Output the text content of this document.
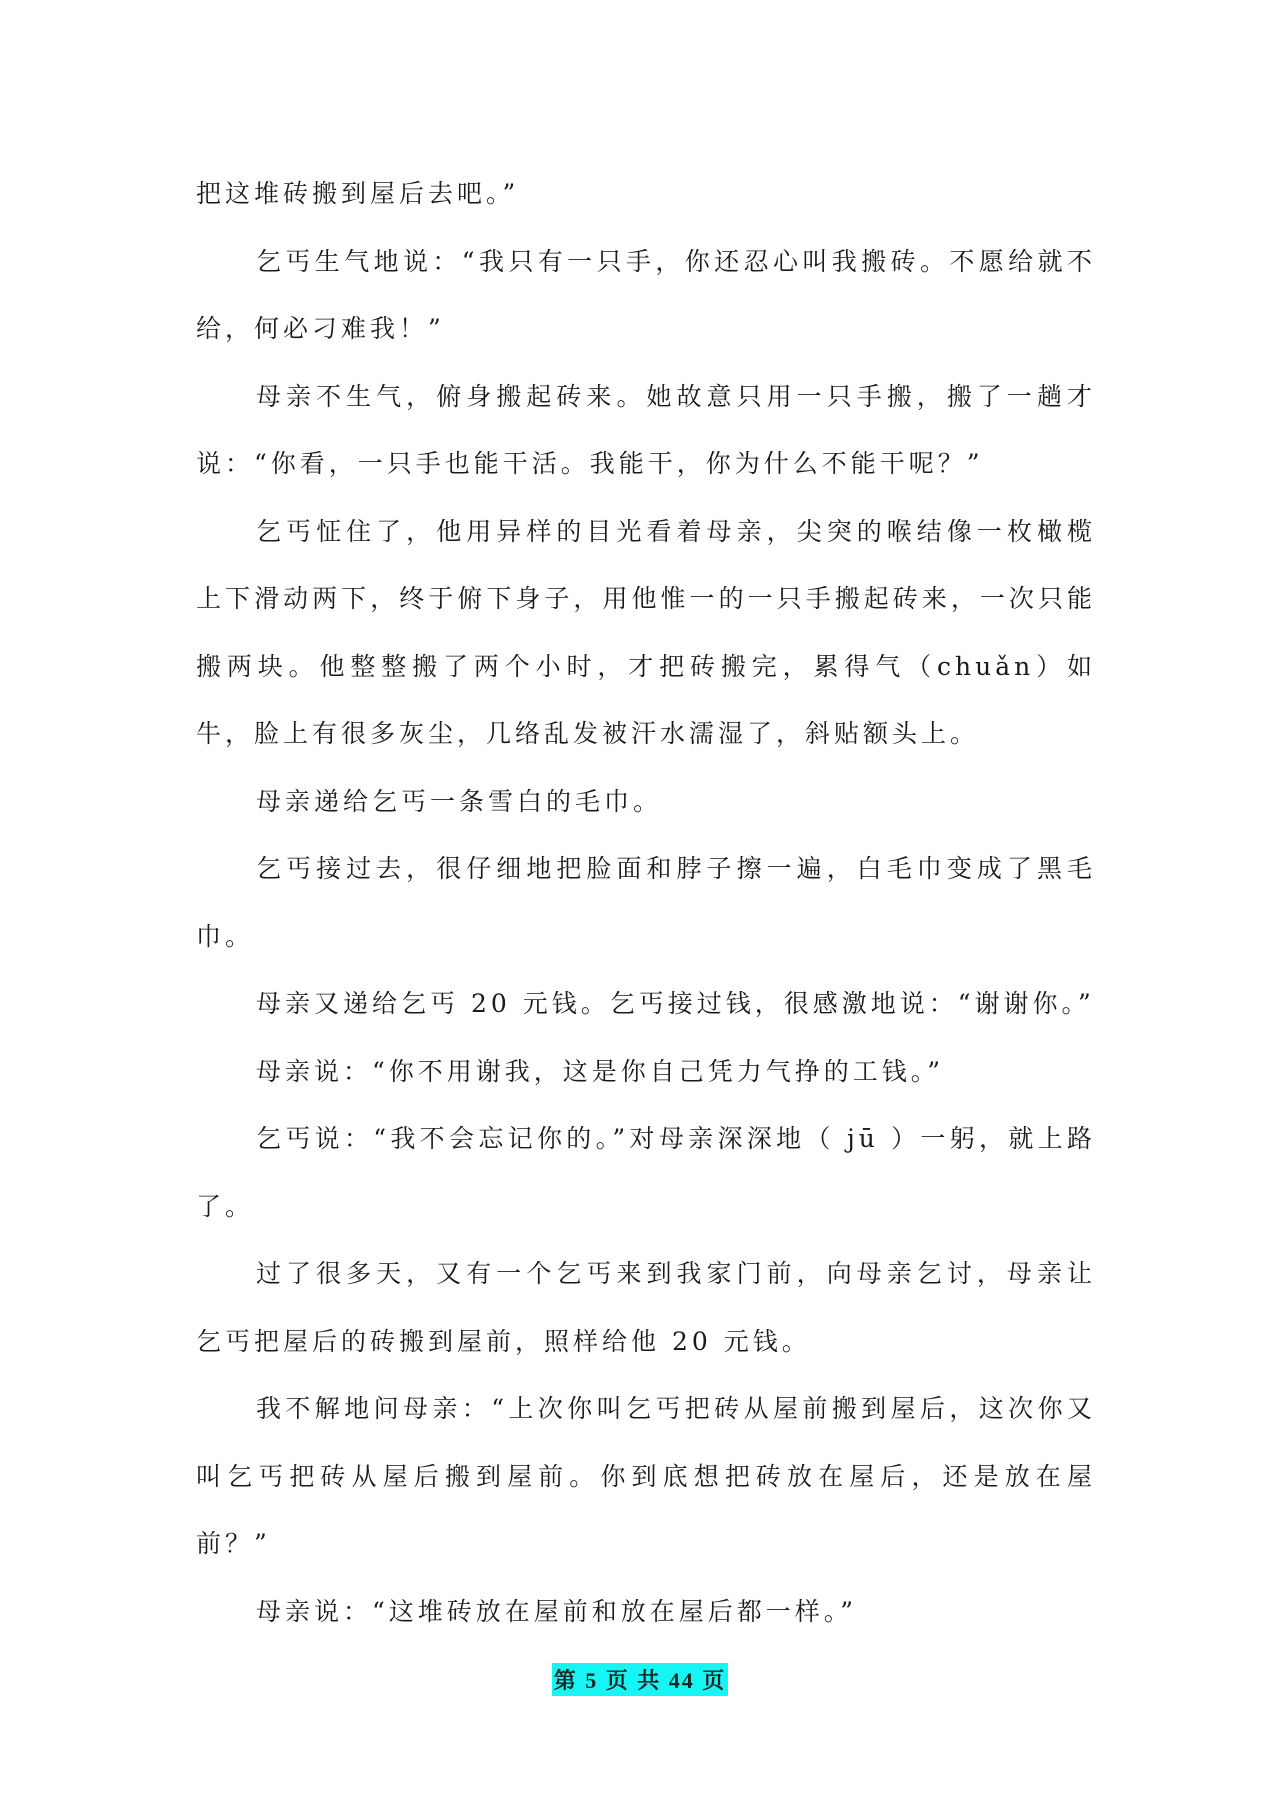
把这堆砖搬到屋后去吧。”

乞丐生气地说：“我只有一只手，你还忍心叫我搬砖。不愿给就不给，何必刁难我！”

母亲不生气，俯身搬起砖来。她故意只用一只手搬，搬了一趟才说：“你看，一只手也能干活。我能干，你为什么不能干呢？”

乞丐怔住了，他用异样的目光看着母亲，尖突的喉结像一枚橄榄上下滑动两下，终于俯下身子，用他惟一的一只手搬起砖来，一次只能搬两块。他整整搬了两个小时，才把砖搬完，累得气（chuǎn）如牛，脸上有很多灰尘，几络乱发被汗水濡湿了，斜贴额头上。

母亲递给乞丐一条雪白的毛巾。

乞丐接过去，很仔细地把脸面和脖子擦一遍，白毛巾变成了黑毛巾。

母亲又递给乞丐 20 元钱。乞丐接过钱，很感激地说：“谢谢你。”

母亲说：“你不用谢我，这是你自己凭力气挣的工钱。”

乞丐说：“我不会忘记你的。”对母亲深深地（ jū ）一躬，就上路了。

过了很多天，又有一个乞丐来到我家门前，向母亲乞讨，母亲让乞丐把屋后的砖搬到屋前，照样给他 20 元钱。

我不解地问母亲：“上次你叫乞丐把砖从屋前搬到屋后，这次你又叫乞丐把砖从屋后搬到屋前。你到底想把砖放在屋后，还是放在屋前？”

母亲说：“这堆砖放在屋前和放在屋后都一样。”

第 5 页 共 44 页
